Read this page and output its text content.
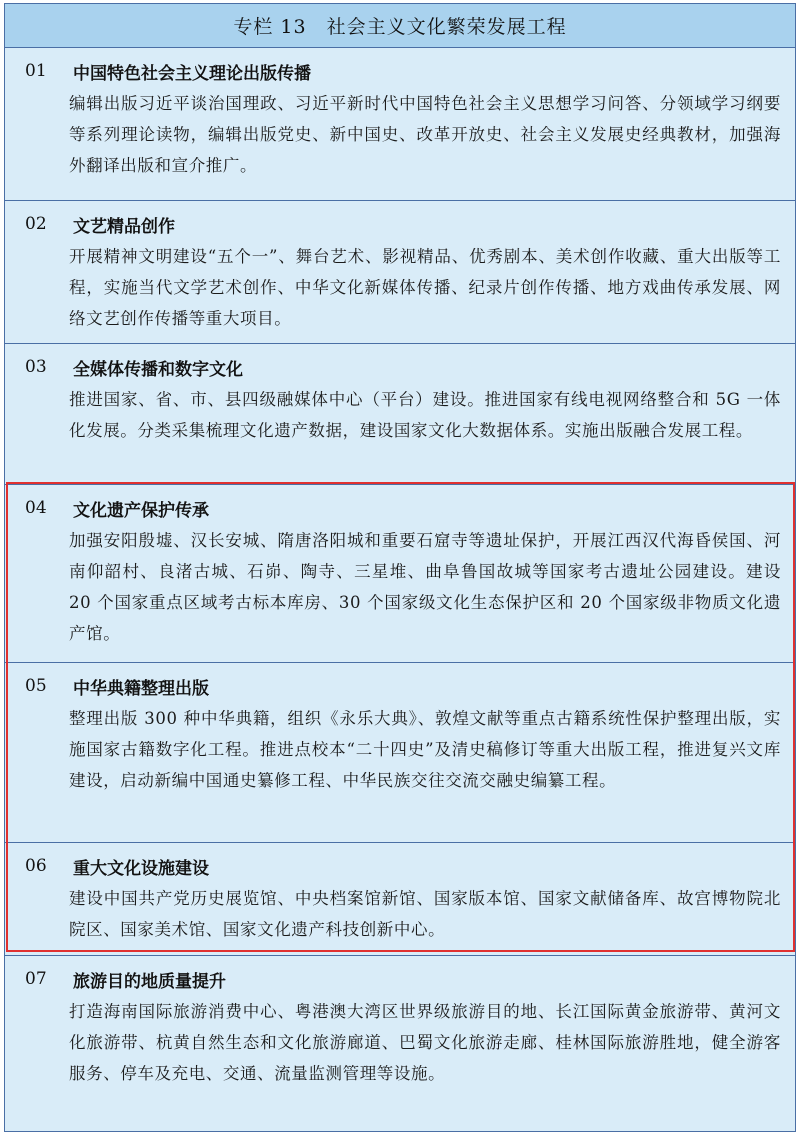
专栏 13　社会主义文化繁荣发展工程
01	中国特色社会主义理论出版传播
编辑出版习近平谈治国理政、习近平新时代中国特色社会主义思想学习问答、分领域学习纲要等系列理论读物，编辑出版党史、新中国史、改革开放史、社会主义发展史经典教材，加强海外翻译出版和宣介推广。
02	文艺精品创作
开展精神文明建设“五个一”、舞台艺术、影视精品、优秀剧本、美术创作收藏、重大出版等工程，实施当代文学艺术创作、中华文化新媒体传播、纪录片创作传播、地方戏曲传承发展、网络文艺创作传播等重大项目。
03	全媒体传播和数字文化
推进国家、省、市、县四级融媒体中心（平台）建设。推进国家有线电视网络整合和 5G 一体化发展。分类采集梳理文化遗产数据，建设国家文化大数据体系。实施出版融合发展工程。
04	文化遗产保护传承
加强安阳殷墟、汉长安城、隋唐洛阳城和重要石窟寺等遗址保护，开展江西汉代海昏侯国、河南仰韶村、良渚古城、石峁、陶寺、三星堆、曲阜鲁国故城等国家考古遗址公园建设。建设 20 个国家重点区域考古标本库房、30 个国家级文化生态保护区和 20 个国家级非物质文化遗产馆。
05	中华典籍整理出版
整理出版 300 种中华典籍，组织《永乐大典》、敦煌文献等重点古籍系统性保护整理出版，实施国家古籍数字化工程。推进点校本“二十四史”及清史稿修订等重大出版工程，推进复兴文库建设，启动新编中国通史纂修工程、中华民族交往交流交融史编纂工程。
06	重大文化设施建设
建设中国共产党历史展览馆、中央档案馆新馆、国家版本馆、国家文献储备库、故宫博物院北院区、国家美术馆、国家文化遗产科技创新中心。
07	旅游目的地质量提升
打造海南国际旅游消费中心、粤港澳大湾区世界级旅游目的地、长江国际黄金旅游带、黄河文化旅游带、杭黄自然生态和文化旅游廊道、巴蜀文化旅游走廊、桂林国际旅游胜地，健全游客服务、停车及充电、交通、流量监测管理等设施。
